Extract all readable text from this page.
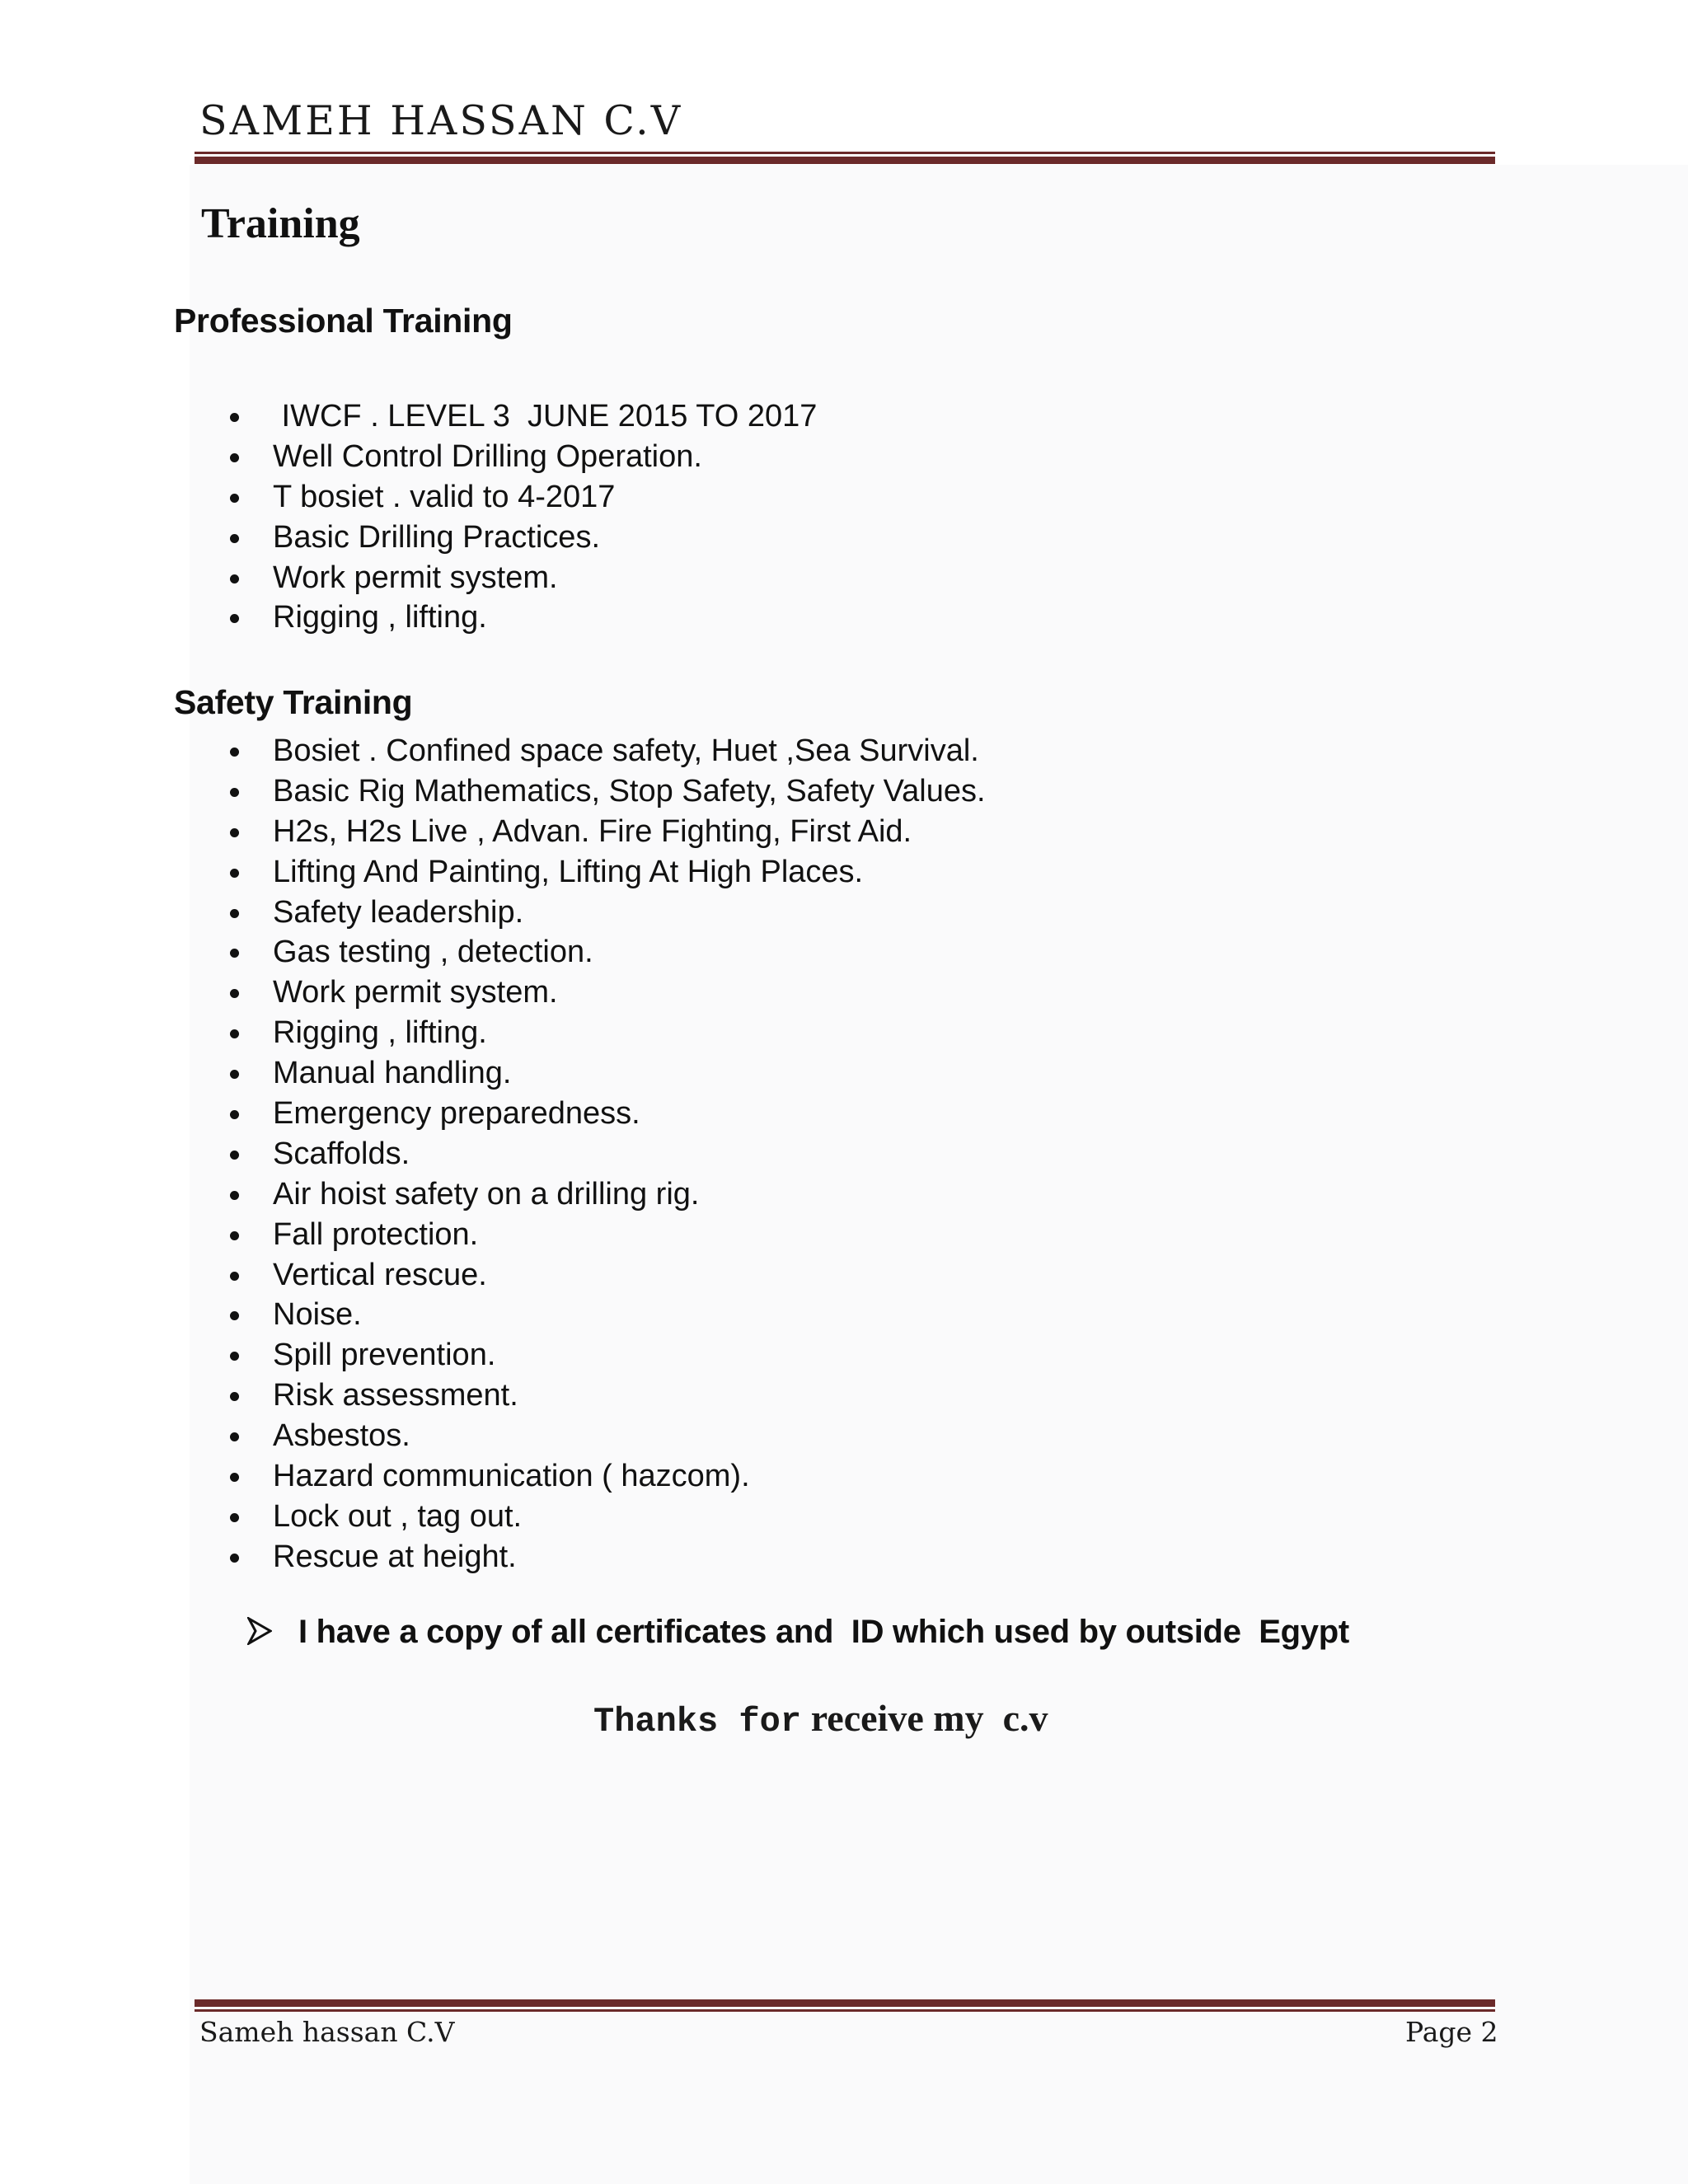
SAMEH HASSAN C.V
Training
Professional Training
IWCF . LEVEL 3  JUNE 2015 TO 2017
Well Control Drilling Operation.
T bosiet . valid to 4-2017
Basic Drilling Practices.
Work permit system.
Rigging , lifting.
Safety Training
Bosiet . Confined space safety, Huet ,Sea Survival.
Basic Rig Mathematics, Stop Safety, Safety Values.
H2s, H2s Live , Advan. Fire Fighting, First Aid.
Lifting And Painting, Lifting At High Places.
Safety leadership.
Gas testing , detection.
Work permit system.
Rigging , lifting.
Manual handling.
Emergency preparedness.
Scaffolds.
Air hoist safety on a drilling rig.
Fall protection.
Vertical rescue.
Noise.
Spill prevention.
Risk assessment.
Asbestos.
Hazard communication ( hazcom).
Lock out , tag out.
Rescue at height.
I have a copy of all certificates and  ID which used by outside  Egypt
Thanks for receive my  c.v
Sameh hassan C.V	Page 2
